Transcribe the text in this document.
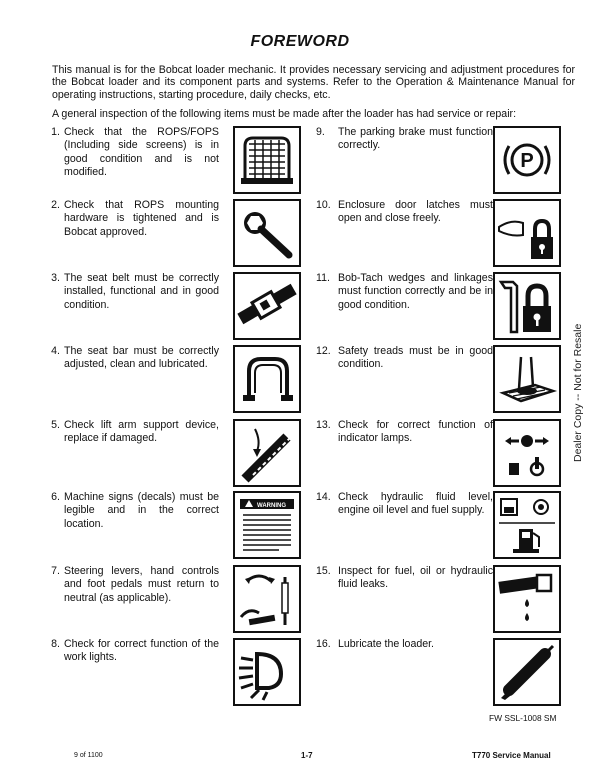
FOREWORD

This manual is for the Bobcat loader mechanic. It provides necessary servicing and adjustment procedures for the Bobcat loader and its component parts and systems. Refer to the Operation & Maintenance Manual for operating instructions, starting procedure, daily checks, etc.

A general inspection of the following items must be made after the loader has had service or repair:

1. Check that the ROPS/FOPS (Including side screens) is in good condition and is not modified.
2. Check that ROPS mounting hardware is tightened and is Bobcat approved.
3. The seat belt must be correctly installed, functional and in good condition.
4. The seat bar must be correctly adjusted, clean and lubricated.
5. Check lift arm support device, replace if damaged.
6. Machine signs (decals) must be legible and in the correct location.
7. Steering levers, hand controls and foot pedals must return to neutral (as applicable).
8. Check for correct function of the work lights.
9.	The parking brake must function correctly.
10. Enclosure door latches must open and close freely.
11. Bob-Tach wedges and linkages must function correctly and be in good condition.
12. Safety treads must be in good condition.
13. Check for correct function of indicator lamps.
14. Check hydraulic fluid level, engine oil level and fuel supply.
15. Inspect for fuel, oil or hydraulic fluid leaks.
16. Lubricate the loader.
WARNING
P
FW SSL-1008 SM
9 of 1100	1-7	T770 Service Manual
Dealer Copy -- Not for Resale
